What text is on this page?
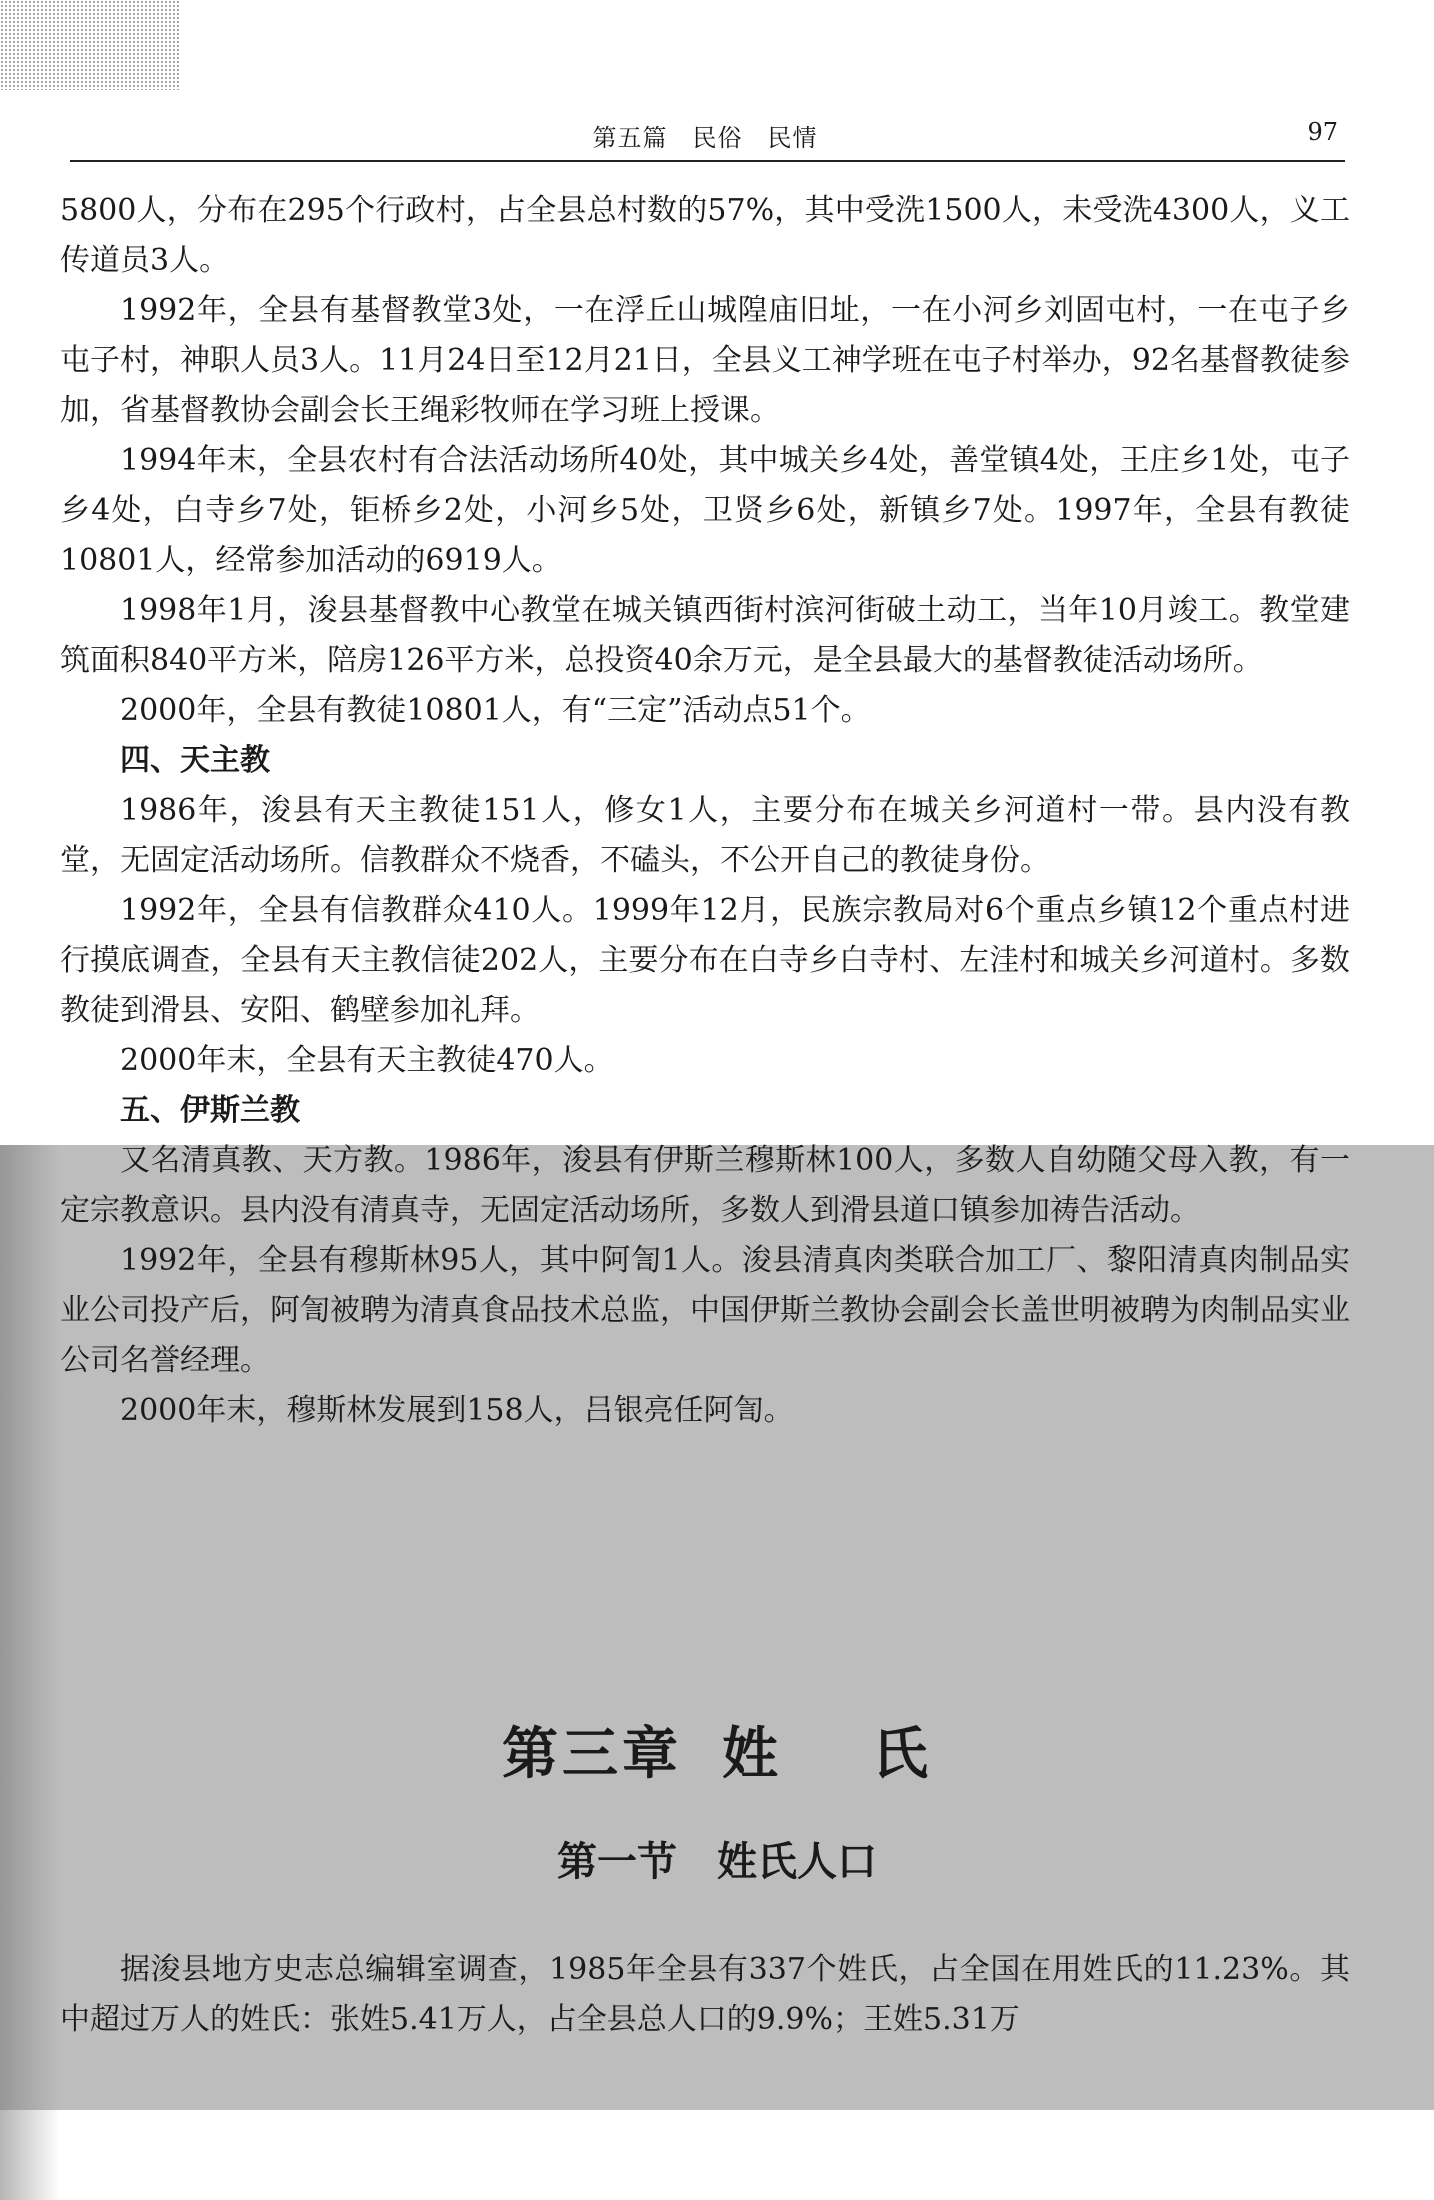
第五篇　民俗　民情	97

5800人，分布在295个行政村，占全县总村数的57%，其中受洗1500人，未受洗4300人，义工传道员3人。

1992年，全县有基督教堂3处，一在浮丘山城隍庙旧址，一在小河乡刘固屯村，一在屯子乡屯子村，神职人员3人。11月24日至12月21日，全县义工神学班在屯子村举办，92名基督教徒参加，省基督教协会副会长王绳彩牧师在学习班上授课。

1994年末，全县农村有合法活动场所40处，其中城关乡4处，善堂镇4处，王庄乡1处，屯子乡4处，白寺乡7处，钜桥乡2处，小河乡5处，卫贤乡6处，新镇乡7处。1997年，全县有教徒10801人，经常参加活动的6919人。

1998年1月，浚县基督教中心教堂在城关镇西街村滨河街破土动工，当年10月竣工。教堂建筑面积840平方米，陪房126平方米，总投资40余万元，是全县最大的基督教徒活动场所。

2000年，全县有教徒10801人，有“三定”活动点51个。

四、天主教

1986年，浚县有天主教徒151人，修女1人，主要分布在城关乡河道村一带。县内没有教堂，无固定活动场所。信教群众不烧香，不磕头，不公开自己的教徒身份。

1992年，全县有信教群众410人。1999年12月，民族宗教局对6个重点乡镇12个重点村进行摸底调查，全县有天主教信徒202人，主要分布在白寺乡白寺村、左洼村和城关乡河道村。多数教徒到滑县、安阳、鹤壁参加礼拜。

2000年末，全县有天主教徒470人。

五、伊斯兰教

又名清真教、天方教。1986年，浚县有伊斯兰穆斯林100人，多数人自幼随父母入教，有一定宗教意识。县内没有清真寺，无固定活动场所，多数人到滑县道口镇参加祷告活动。

1992年，全县有穆斯林95人，其中阿訇1人。浚县清真肉类联合加工厂、黎阳清真肉制品实业公司投产后，阿訇被聘为清真食品技术总监，中国伊斯兰教协会副会长盖世明被聘为肉制品实业公司名誉经理。

2000年末，穆斯林发展到158人，吕银亮任阿訇。

第三章 姓 氏
第一节 姓氏人口

据浚县地方史志总编辑室调查，1985年全县有337个姓氏，占全国在用姓氏的11.23%。其中超过万人的姓氏：张姓5.41万人，占全县总人口的9.9%；王姓5.31万
